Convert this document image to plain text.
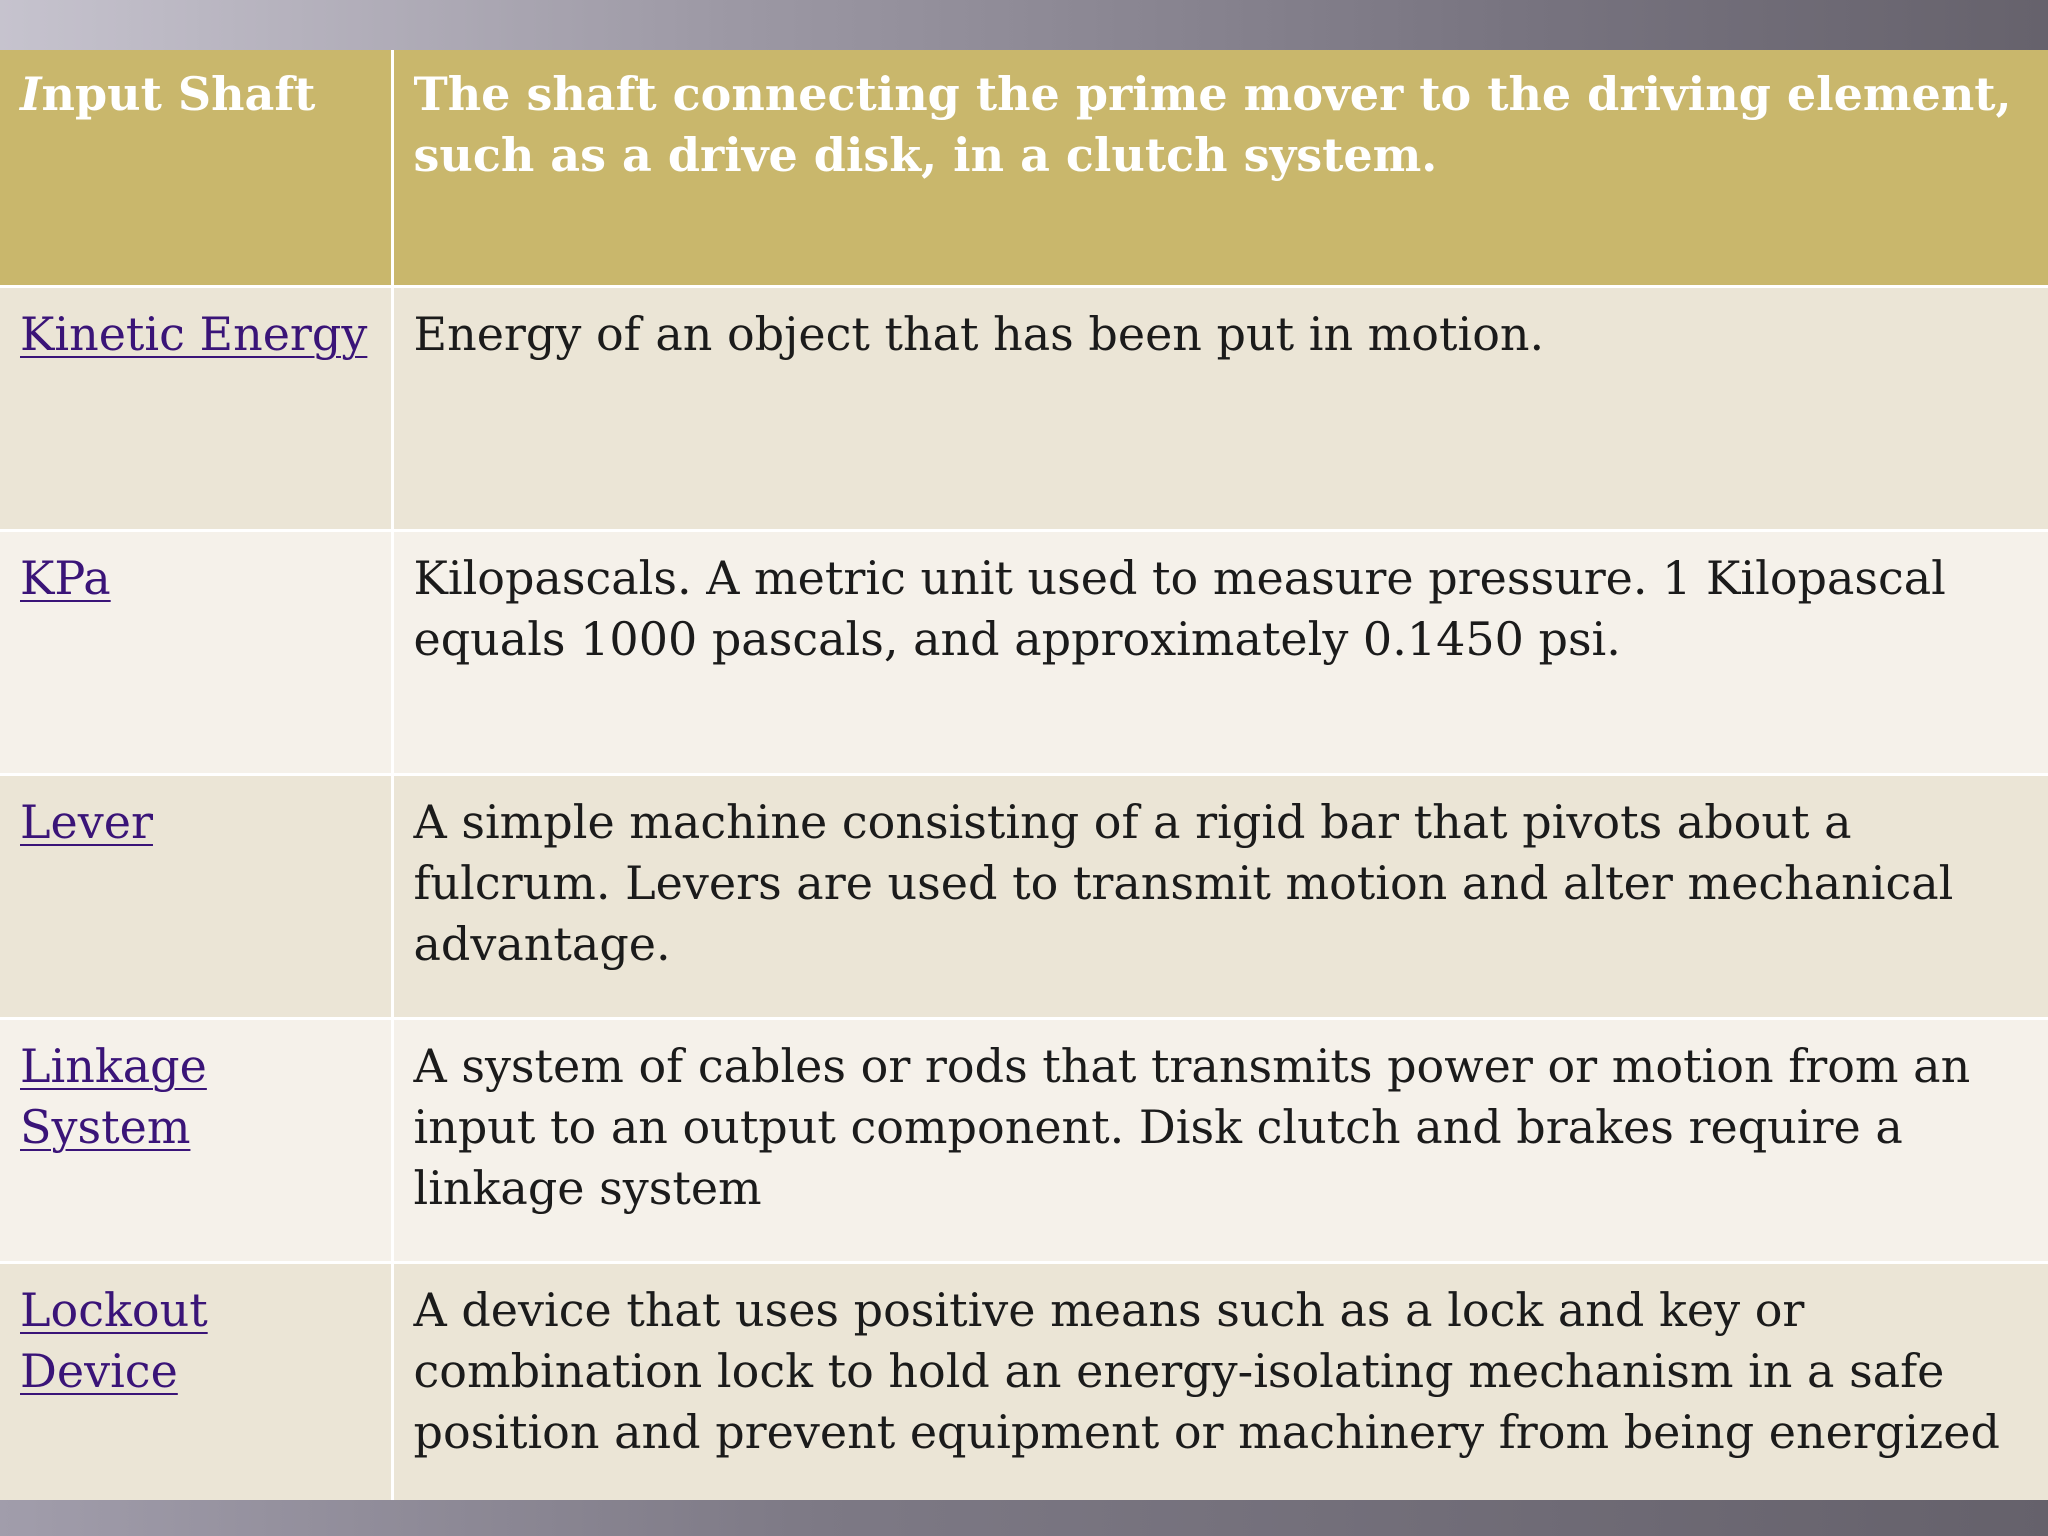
Input Shaft	The shaft connecting the prime mover to the driving element, such as a drive disk, in a clutch system.
Kinetic Energy	Energy of an object that has been put in motion.
KPa	Kilopascals. A metric unit used to measure pressure. 1 Kilopascal equals 1000 pascals, and approximately 0.1450 psi.
Lever	A simple machine consisting of a rigid bar that pivots about a fulcrum. Levers are used to transmit motion and alter mechanical advantage.
Linkage System	A system of cables or rods that transmits power or motion from an input to an output component. Disk clutch and brakes require a linkage system
Lockout Device	A device that uses positive means such as a lock and key or combination lock to hold an energy-isolating mechanism in a safe position and prevent equipment or machinery from being energized
